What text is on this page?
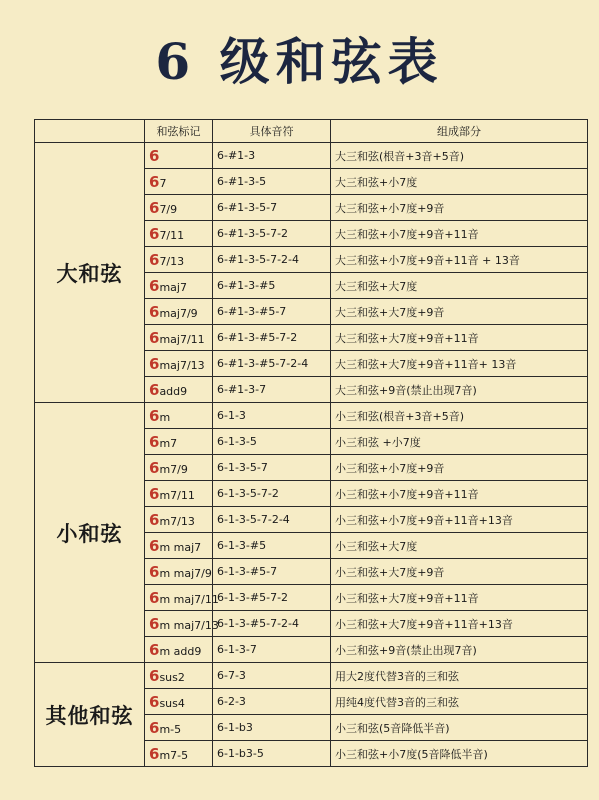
6 级和弦表
	和弦标记	具体音符	组成部分
大和弦	6	6-#1-3	大三和弦(根音+3音+5音)
	67	6-#1-3-5	大三和弦+小7度
	67/9	6-#1-3-5-7	大三和弦+小7度+9音
	67/11	6-#1-3-5-7-2	大三和弦+小7度+9音+11音
	67/13	6-#1-3-5-7-2-4	大三和弦+小7度+9音+11音 + 13音
	6maj7	6-#1-3-#5	大三和弦+大7度
	6maj7/9	6-#1-3-#5-7	大三和弦+大7度+9音
	6maj7/11	6-#1-3-#5-7-2	大三和弦+大7度+9音+11音
	6maj7/13	6-#1-3-#5-7-2-4	大三和弦+大7度+9音+11音+ 13音
	6add9	6-#1-3-7	大三和弦+9音(禁止出现7音)
小和弦	6m	6-1-3	小三和弦(根音+3音+5音)
	6m7	6-1-3-5	小三和弦 +小7度
	6m7/9	6-1-3-5-7	小三和弦+小7度+9音
	6m7/11	6-1-3-5-7-2	小三和弦+小7度+9音+11音
	6m7/13	6-1-3-5-7-2-4	小三和弦+小7度+9音+11音+13音
	6m maj7	6-1-3-#5	小三和弦+大7度
	6m maj7/9	6-1-3-#5-7	小三和弦+大7度+9音
	6m maj7/11	6-1-3-#5-7-2	小三和弦+大7度+9音+11音
	6m maj7/13	6-1-3-#5-7-2-4	小三和弦+大7度+9音+11音+13音
	6m add9	6-1-3-7	小三和弦+9音(禁止出现7音)
其他和弦	6sus2	6-7-3	用大2度代替3音的三和弦
	6sus4	6-2-3	用纯4度代替3音的三和弦
	6m-5	6-1-b3	小三和弦(5音降低半音)
	6m7-5	6-1-b3-5	小三和弦+小7度(5音降低半音)
